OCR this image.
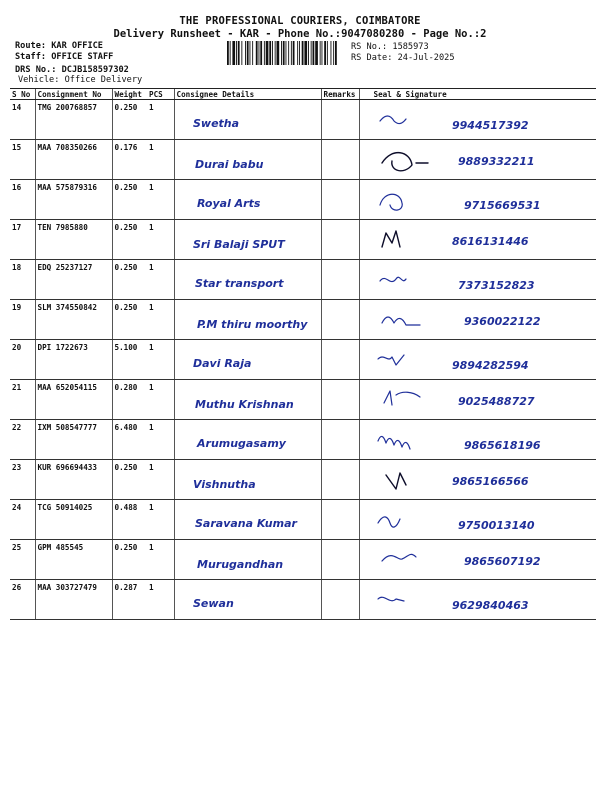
THE PROFESSIONAL COURIERS, COIMBATORE
Delivery Runsheet - KAR - Phone No.:9047080280 - Page No.:2
Route: KAR OFFICE
Staff: OFFICE STAFF
DRS No.: DCJB158597302
Vehicle: Office Delivery
RS No.: 1585973
RS Date: 24-Jul-2025
S No	Consignment No	Weight	PCS	Consignee Details	Remarks	Seal & Signature
14	TMG 200768857	0.250	1	Swetha		9944517392

15	MAA 708350266	0.176	1	Durai babu		9889332211

16	MAA 575879316	0.250	1	Royal Arts		9715669531

17	TEN 7985880	0.250	1	Sri Balaji SPUT		8616131446

18	EDQ 25237127	0.250	1	Star transport		7373152823

19	SLM 374550842	0.250	1	P.M thiru moorthy		9360022122

20	DPI 1722673	5.100	1	Davi Raja		9894282594

21	MAA 652054115	0.280	1	Muthu Krishnan		9025488727

22	IXM 508547777	6.480	1	Arumugasamy		9865618196

23	KUR 696694433	0.250	1	Vishnutha		9865166566

24	TCG 50914025	0.488	1	Saravana Kumar		9750013140

25	GPM 485545	0.250	1	Murugandhan		9865607192

26	MAA 303727479	0.287	1	Sewan		9629840463
